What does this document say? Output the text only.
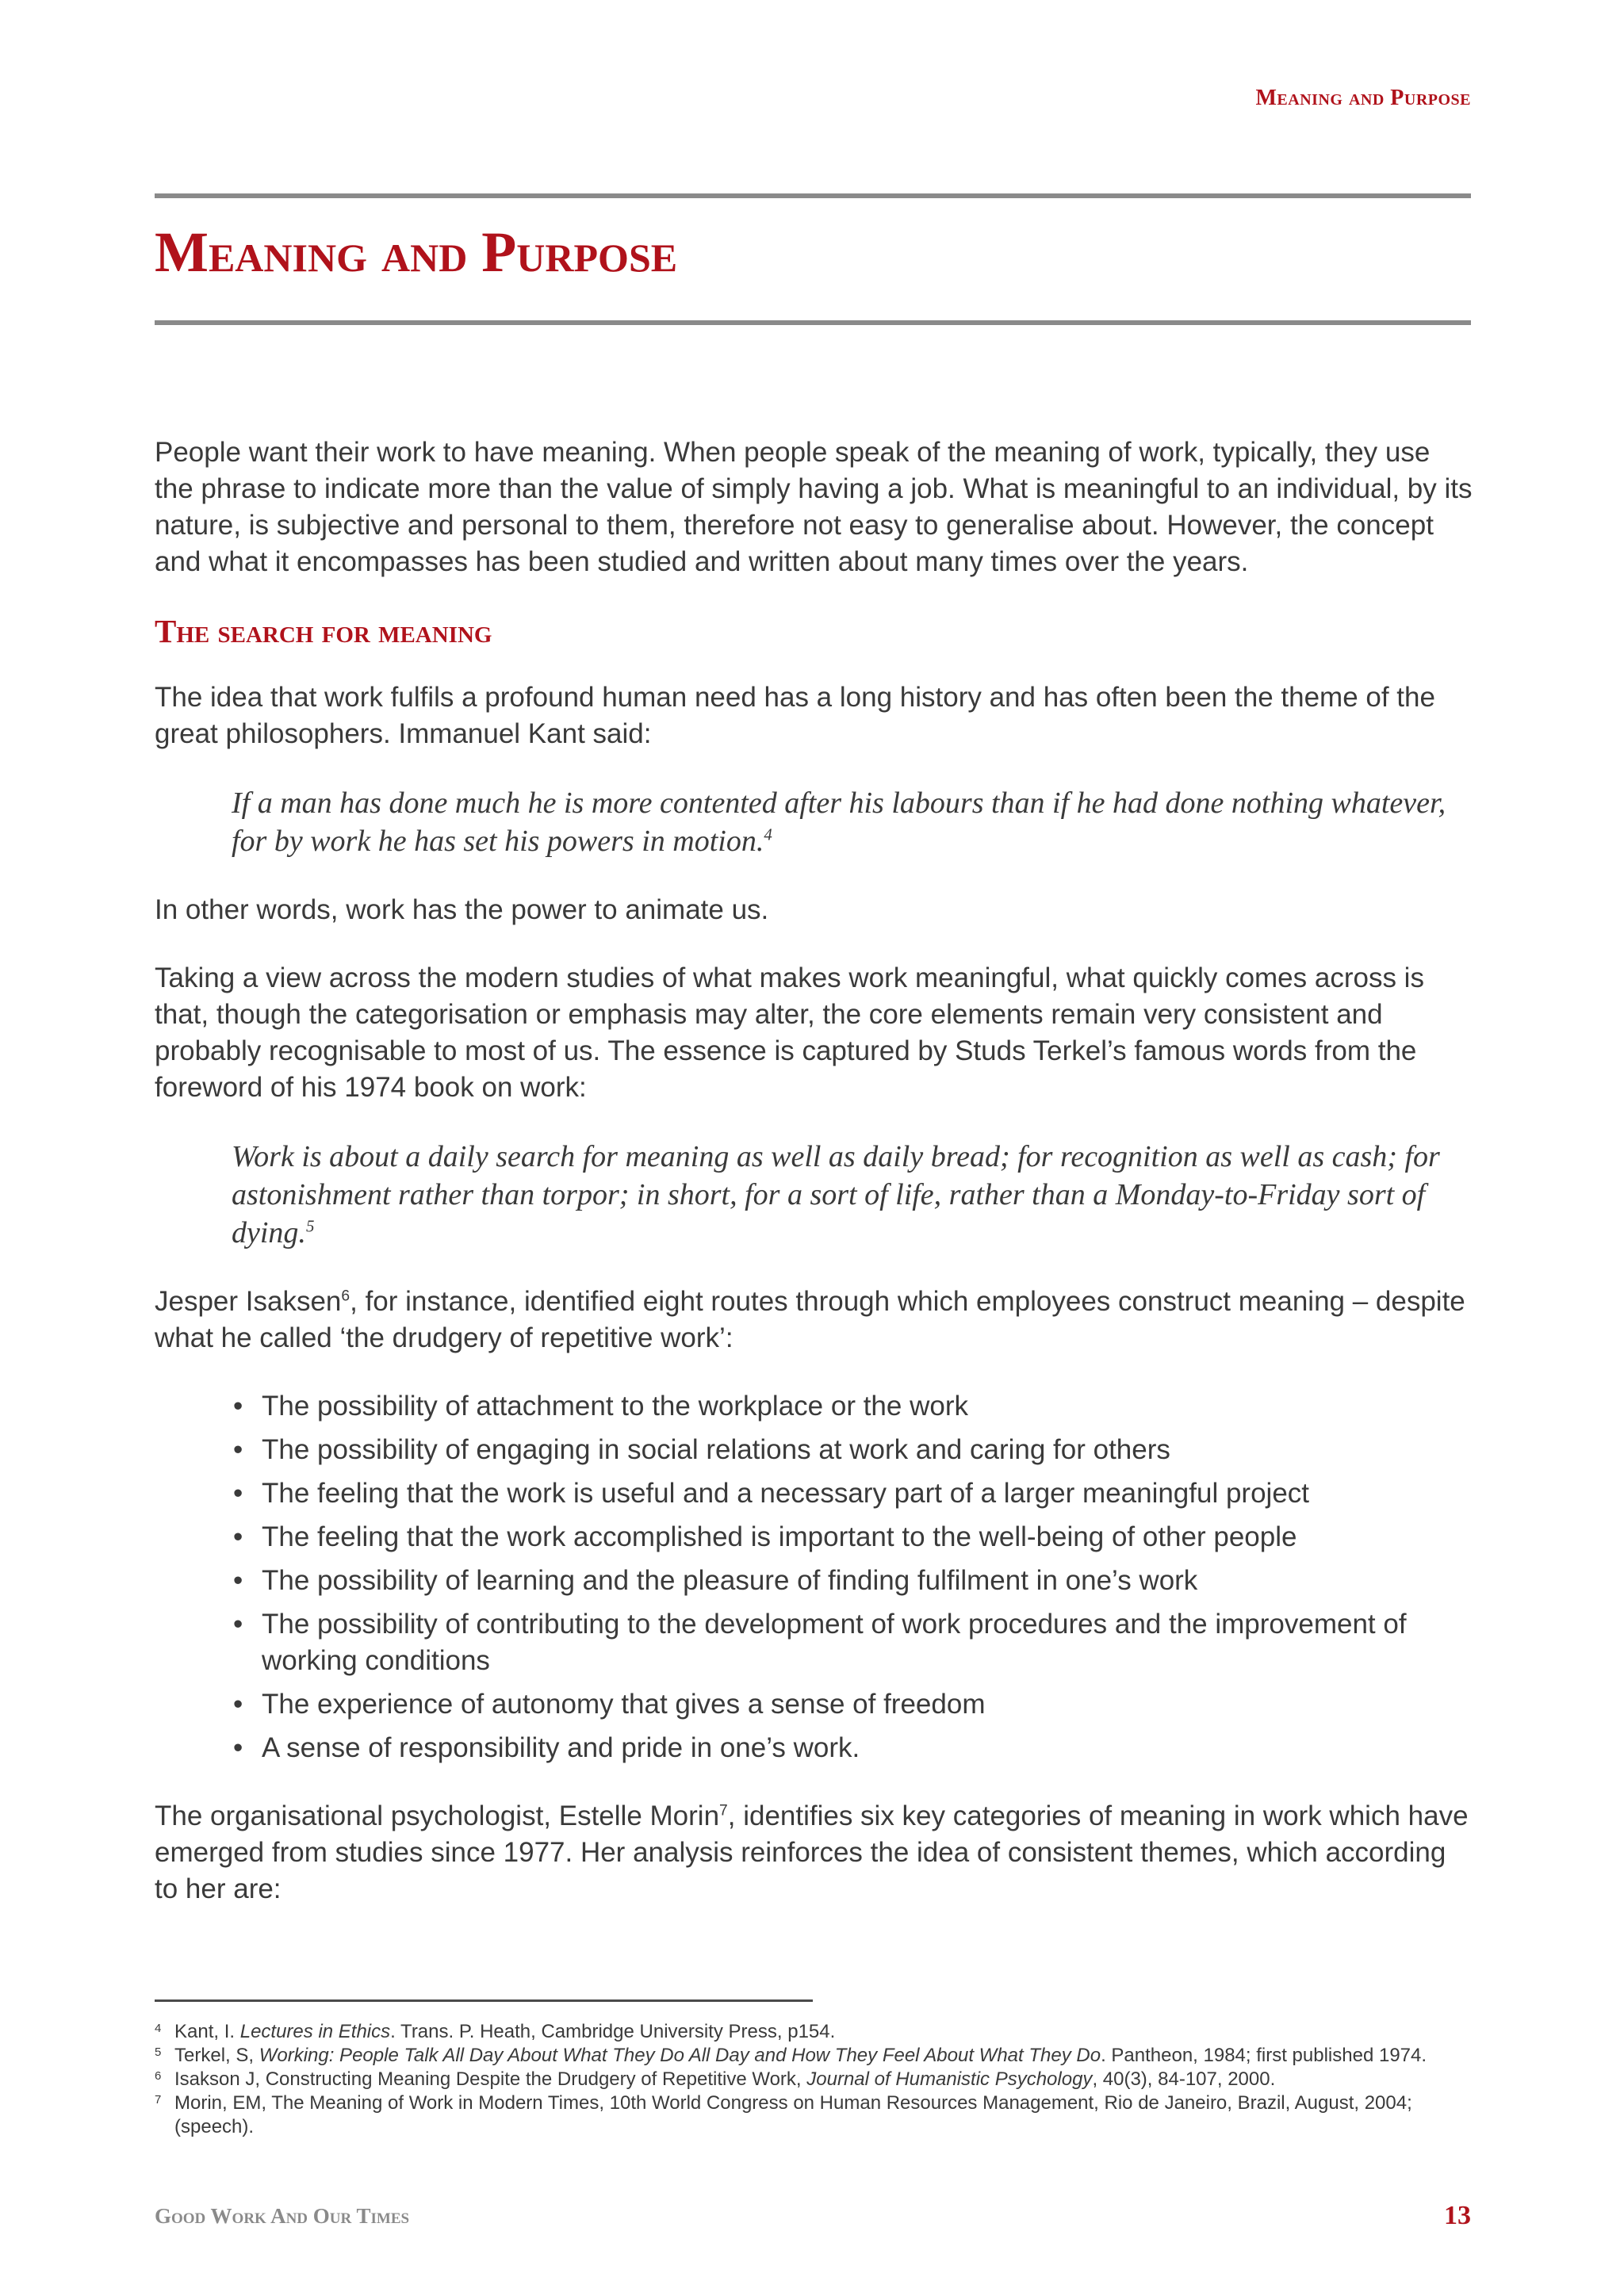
Meaning and Purpose
Meaning and Purpose

People want their work to have meaning. When people speak of the meaning of work, typically, they use the phrase to indicate more than the value of simply having a job. What is meaningful to an individual, by its nature, is subjective and personal to them, therefore not easy to generalise about. However, the concept and what it encompasses has been studied and written about many times over the years.

The search for meaning

The idea that work fulfils a profound human need has a long history and has often been the theme of the great philosophers. Immanuel Kant said:

If a man has done much he is more contented after his labours than if he had done nothing whatever, for by work he has set his powers in motion.$^4$

In other words, work has the power to animate us.

Taking a view across the modern studies of what makes work meaningful, what quickly comes across is that, though the categorisation or emphasis may alter, the core elements remain very consistent and probably recognisable to most of us. The essence is captured by Studs Terkel’s famous words from the foreword of his 1974 book on work:

Work is about a daily search for meaning as well as daily bread; for recognition as well as cash; for astonishment rather than torpor; in short, for a sort of life, rather than a Monday-to-Friday sort of dying.$^5$

Jesper Isaksen$^6$, for instance, identified eight routes through which employees construct meaning – despite what he called ‘the drudgery of repetitive work’:

• The possibility of attachment to the workplace or the work
• The possibility of engaging in social relations at work and caring for others
• The feeling that the work is useful and a necessary part of a larger meaningful project
• The feeling that the work accomplished is important to the well-being of other people
• The possibility of learning and the pleasure of finding fulfilment in one’s work
• The possibility of contributing to the development of work procedures and the improvement of working conditions
• The experience of autonomy that gives a sense of freedom
• A sense of responsibility and pride in one’s work.

The organisational psychologist, Estelle Morin$^7$, identifies six key categories of meaning in work which have emerged from studies since 1977. Her analysis reinforces the idea of consistent themes, which according to her are:

4 Kant, I. Lectures in Ethics. Trans. P. Heath, Cambridge University Press, p154.
5 Terkel, S, Working: People Talk All Day About What They Do All Day and How They Feel About What They Do. Pantheon, 1984; first published 1974.
6 Isakson J, Constructing Meaning Despite the Drudgery of Repetitive Work, Journal of Humanistic Psychology, 40(3), 84-107, 2000.
7 Morin, EM, The Meaning of Work in Modern Times, 10th World Congress on Human Resources Management, Rio de Janeiro, Brazil, August, 2004; (speech).
Good Work And Our Times	13
